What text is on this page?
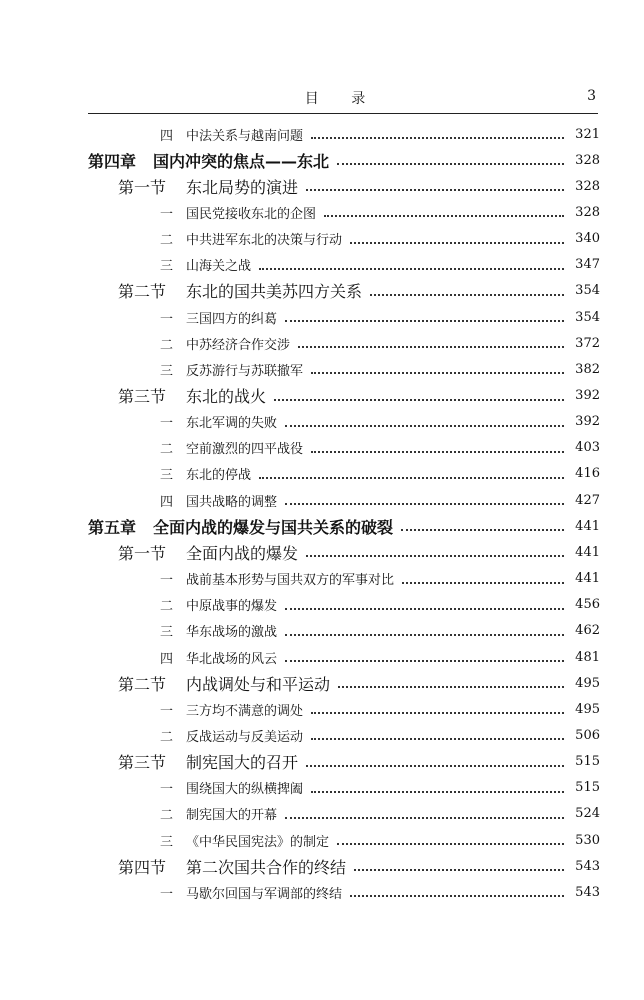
目 录	3
四 中法关系与越南问题	321
第四章	国内冲突的焦点——东北	328
第一节	东北局势的演进	328
一 国民党接收东北的企图	328
二 中共进军东北的决策与行动	340
三 山海关之战	347
第二节	东北的国共美苏四方关系	354
一 三国四方的纠葛	354
二 中苏经济合作交涉	372
三 反苏游行与苏联撤军	382
第三节	东北的战火	392
一 东北军调的失败	392
二 空前激烈的四平战役	403
三 东北的停战	416
四 国共战略的调整	427
第五章	全面内战的爆发与国共关系的破裂	441
第一节	全面内战的爆发	441
一 战前基本形势与国共双方的军事对比	441
二 中原战事的爆发	456
三 华东战场的激战	462
四 华北战场的风云	481
第二节	内战调处与和平运动	495
一 三方均不满意的调处	495
二 反战运动与反美运动	506
第三节	制宪国大的召开	515
一 围绕国大的纵横捭阖	515
二 制宪国大的开幕	524
三 《中华民国宪法》的制定	530
第四节	第二次国共合作的终结	543
一 马歇尔回国与军调部的终结	543
